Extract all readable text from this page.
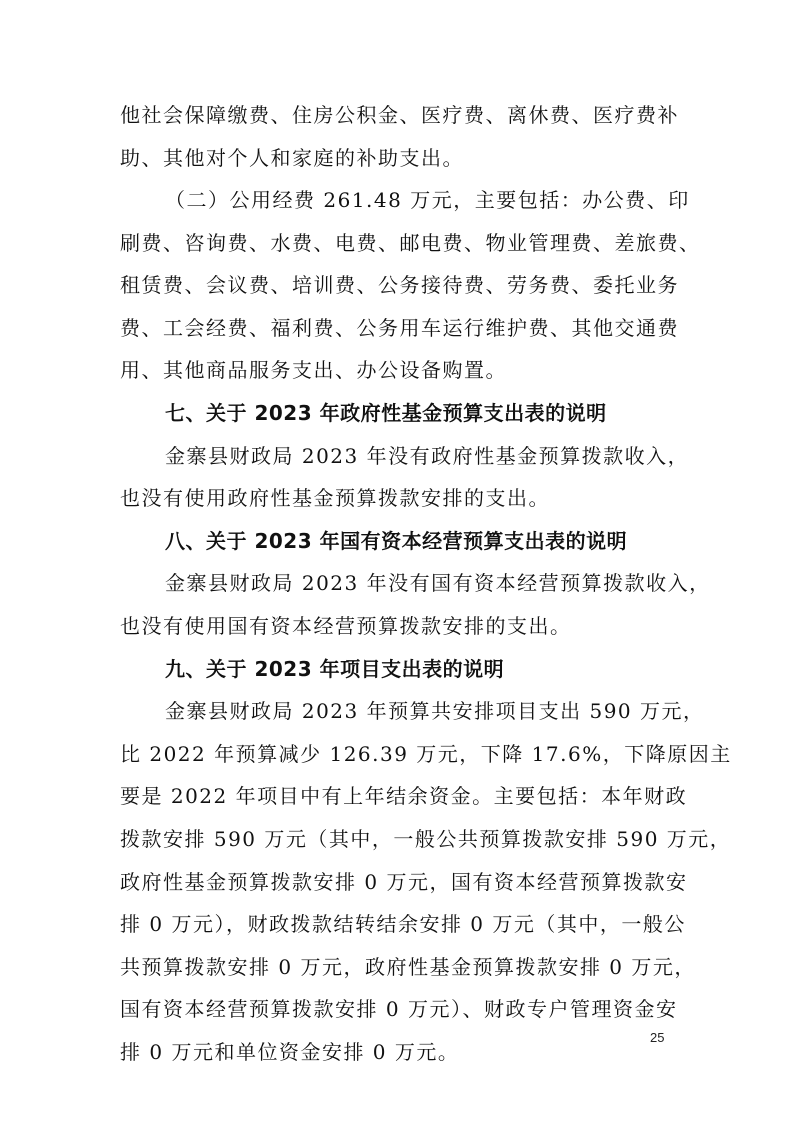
他社会保障缴费、住房公积金、医疗费、离休费、医疗费补
助、其他对个人和家庭的补助支出。
（二）公用经费 261.48 万元，主要包括：办公费、印
刷费、咨询费、水费、电费、邮电费、物业管理费、差旅费、
租赁费、会议费、培训费、公务接待费、劳务费、委托业务
费、工会经费、福利费、公务用车运行维护费、其他交通费
用、其他商品服务支出、办公设备购置。
七、关于 2023 年政府性基金预算支出表的说明
金寨县财政局 2023 年没有政府性基金预算拨款收入，
也没有使用政府性基金预算拨款安排的支出。
八、关于 2023 年国有资本经营预算支出表的说明
金寨县财政局 2023 年没有国有资本经营预算拨款收入，
也没有使用国有资本经营预算拨款安排的支出。
九、关于 2023 年项目支出表的说明
金寨县财政局 2023 年预算共安排项目支出 590 万元，
比 2022 年预算减少 126.39 万元，下降 17.6%，下降原因主
要是 2022 年项目中有上年结余资金。主要包括：本年财政
拨款安排 590 万元（其中，一般公共预算拨款安排 590 万元，
政府性基金预算拨款安排 0 万元，国有资本经营预算拨款安
排 0 万元），财政拨款结转结余安排 0 万元（其中，一般公
共预算拨款安排 0 万元，政府性基金预算拨款安排 0 万元，
国有资本经营预算拨款安排 0 万元）、财政专户管理资金安
排 0 万元和单位资金安排 0 万元。
25
